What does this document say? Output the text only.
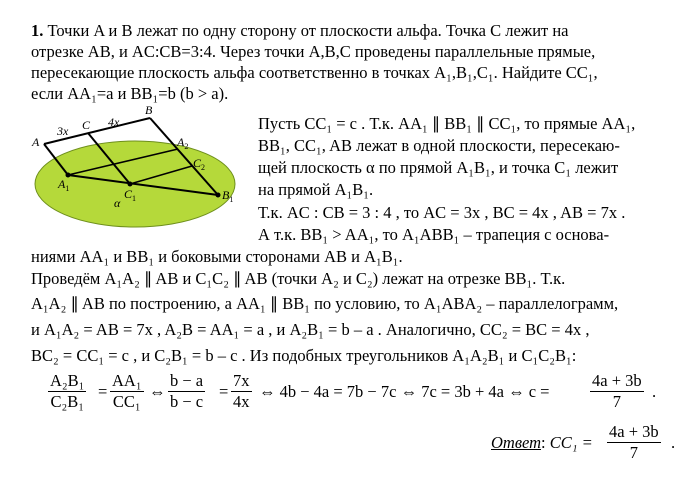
1. Точки A и B лежат по одну сторону от плоскости альфа. Точка C лежит на
отрезке AB, и AC:CB=3:4. Через точки A,B,C проведены параллельные прямые,
пересекающие плоскость альфа соответственно в точках A₁,B₁,C₁. Найдите CC₁,
если AA₁=a и BB₁=b (b > a).
A
C
B
3x
4x
$A_1$	$C_1$	$B_1$
$A_2$
$C_2$
α
Пусть CC₁ = c . Т.к. AA₁ ∥ BB₁ ∥ CC₁, то прямые AA₁,
BB₁, CC₁, AB лежат в одной плоскости, пересекаю-
щей плоскость α по прямой A₁B₁, и точка C₁ лежит
на прямой A₁B₁.
Т.к. AC : CB = 3 : 4 , то AC = 3x , BC = 4x , AB = 7x .
А т.к. BB₁ > AA₁, то A₁ABB₁ – трапеция с основа-
ниями AA₁ и BB₁ и боковыми сторонами AB и A₁B₁.
Проведём A₁A₂ ∥ AB и C₁C₂ ∥ AB (точки A₂ и C₂) лежат на отрезке BB₁. Т.к.
A₁A₂ ∥ AB по построению, а AA₁ ∥ BB₁ по условию, то A₁ABA₂ – параллелограмм,
и A₁A₂ = AB = 7x , A₂B = AA₁ = a , и A₂B₁ = b – a . Аналогично, CC₂ = BC = 4x ,
BC₂ = CC₁ = c , и C₂B₁ = b – c . Из подобных треугольников A₁A₂B₁ и C₁C₂B₁:
$\frac{\text{A₂B₁}}{\text{C₂B₁}} = \frac{\text{AA₁}}{\text{CC₁}}$ ⇔ $\frac{b - a}{b - c} = \frac{7x}{4x}$ ⇔ 4b − 4a = 7b − 7c ⇔ 7c = 3b + 4a ⇔ $c = \frac{4a + 3b}{7}$ .
Ответ: $CC_1 = \frac{4a + 3b}{7}$ .
